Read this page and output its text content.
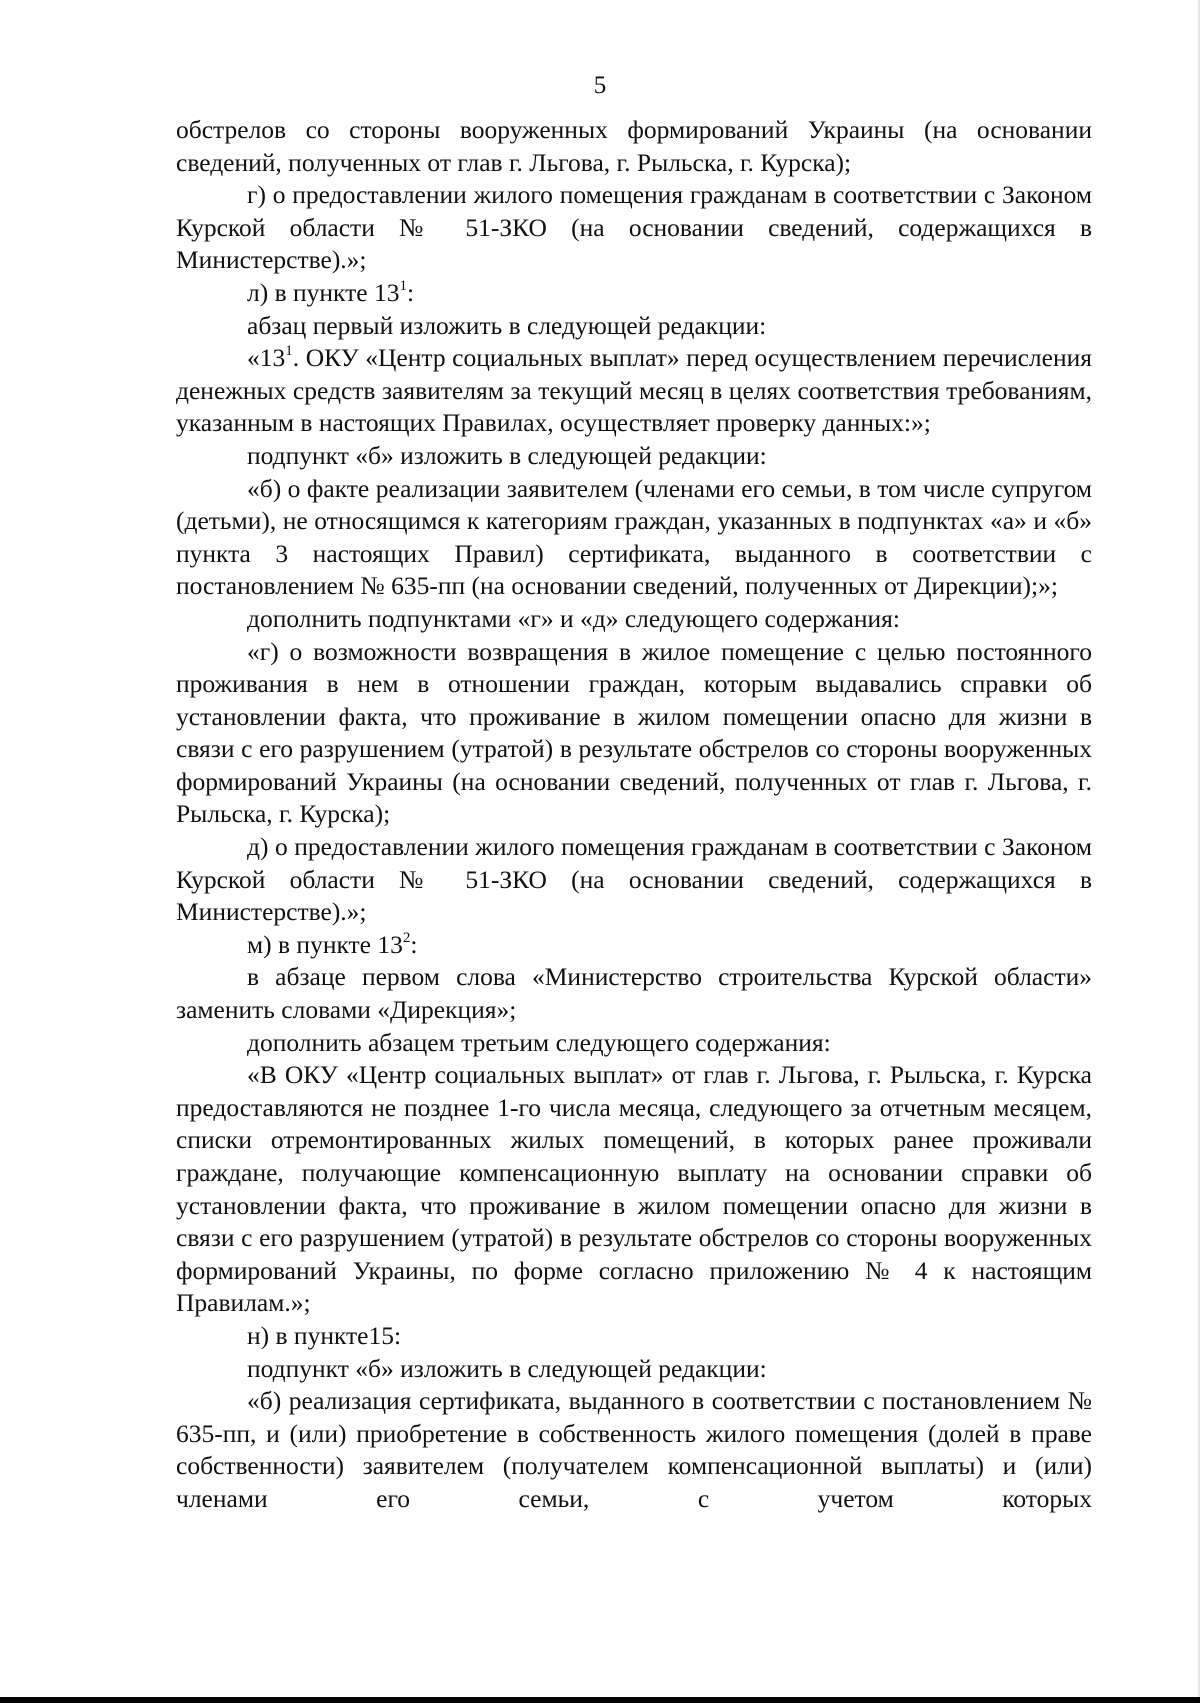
5

обстрелов со стороны вооруженных формирований Украины (на основании сведений, полученных от глав г. Льгова, г. Рыльска, г. Курска);

г) о предоставлении жилого помещения гражданам в соответствии с Законом Курской области № 51-ЗКО (на основании сведений, содержащихся в Министерстве).»;

л) в пункте $13^1$:

абзац первый изложить в следующей редакции:

«$13^1$. ОКУ «Центр социальных выплат» перед осуществлением перечисления денежных средств заявителям за текущий месяц в целях соответствия требованиям, указанным в настоящих Правилах, осуществляет проверку данных:»;

подпункт «б» изложить в следующей редакции:

«б) о факте реализации заявителем (членами его семьи, в том числе супругом (детьми), не относящимся к категориям граждан, указанных в подпунктах «а» и «б» пункта 3 настоящих Правил) сертификата, выданного в соответствии с постановлением № 635-пп (на основании сведений, полученных от Дирекции);»;

дополнить подпунктами «г» и «д» следующего содержания:

«г) о возможности возвращения в жилое помещение с целью постоянного проживания в нем в отношении граждан, которым выдавались справки об установлении факта, что проживание в жилом помещении опасно для жизни в связи с его разрушением (утратой) в результате обстрелов со стороны вооруженных формирований Украины (на основании сведений, полученных от глав г. Льгова, г. Рыльска, г. Курска);

д) о предоставлении жилого помещения гражданам в соответствии с Законом Курской области № 51-ЗКО (на основании сведений, содержащихся в Министерстве).»;

м) в пункте $13^2$:

в абзаце первом слова «Министерство строительства Курской области» заменить словами «Дирекция»;

дополнить абзацем третьим следующего содержания:

«В ОКУ «Центр социальных выплат» от глав г. Льгова, г. Рыльска, г. Курска предоставляются не позднее 1-го числа месяца, следующего за отчетным месяцем, списки отремонтированных жилых помещений, в которых ранее проживали граждане, получающие компенсационную выплату на основании справки об установлении факта, что проживание в жилом помещении опасно для жизни в связи с его разрушением (утратой) в результате обстрелов со стороны вооруженных формирований Украины, по форме согласно приложению № 4 к настоящим Правилам.»;

н) в пункте15:

подпункт «б» изложить в следующей редакции:

«б) реализация сертификата, выданного в соответствии с постановлением № 635-пп, и (или) приобретение в собственность жилого помещения (долей в праве собственности) заявителем (получателем компенсационной выплаты) и (или) членами его семьи, с учетом которых
